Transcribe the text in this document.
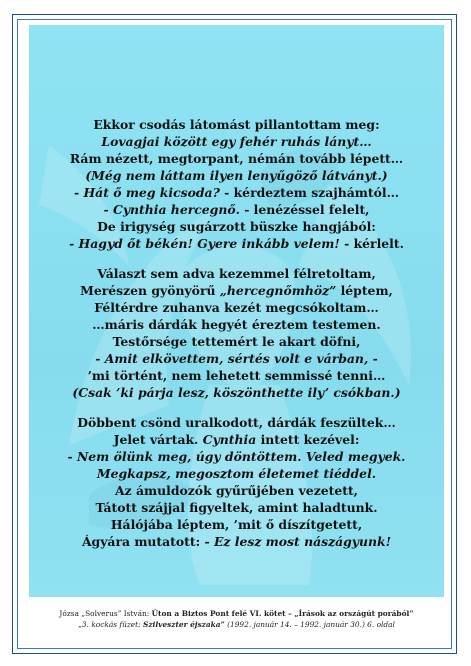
Ekkor csodás látomást pillantottam meg:
Lovagjai között egy fehér ruhás lányt…
Rám nézett, megtorpant, némán tovább lépett…
(Még nem láttam ilyen lenyűgöző látványt.)
- Hát ő meg kicsoda? - kérdeztem szajhámtól…
- Cynthia hercegnő. - lenézéssel felelt,
De irigység sugárzott büszke hangjából:
- Hagyd őt békén! Gyere inkább velem! - kérlelt.
Választ sem adva kezemmel félretoltam,
Merészen gyönyörű „hercegnőmhöz” léptem,
Féltérdre zuhanva kezét megcsókoltam…
…máris dárdák hegyét éreztem testemen.
Testőrsége tettemért le akart döfni,
- Amit elkövettem, sértés volt e várban, -
’mi történt, nem lehetett semmissé tenni…
(Csak ’ki párja lesz, köszönthette ily’ csókban.)
Döbbent csönd uralkodott, dárdák feszültek…
Jelet vártak. Cynthia intett kezével:
- Nem ölünk meg, úgy döntöttem. Veled megyek.
Megkapsz, megosztom életemet tiéddel.
Az ámuldozók gyűrűjében vezetett,
Tátott szájjal figyeltek, amint haladtunk.
Hálójába léptem, ’mit ő díszítgetett,
Ágyára mutatott: - Ez lesz most nászágyunk!
Józsa „Solverus” István: Úton a Biztos Pont felé VI. kötet – „Írások az országút porából”
„3. kockás füzet: Szilveszter éjszaka” (1992. január 14. – 1992. január 30.) 6. oldal
